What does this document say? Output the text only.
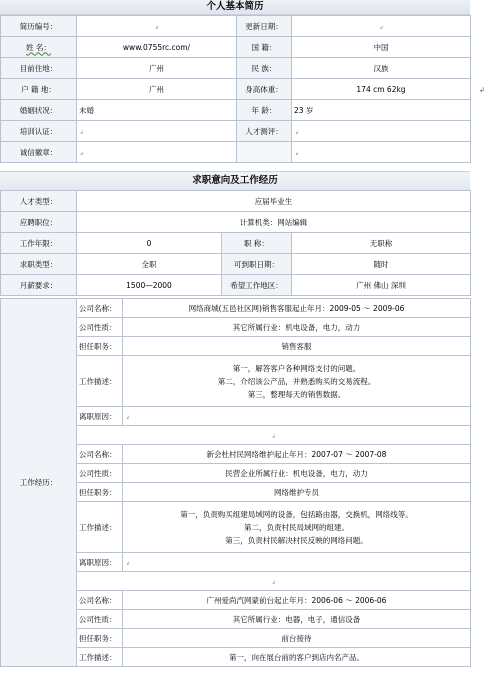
个人基本简历
简历编号：	↲	更新日期：	↲
姓 名：	www.0755rc.com/	国 籍：	中国
目前住地：	广州	民 族：	汉族
户 籍 地：	广州	身高体重：	174 cm 62kg
婚姻状况：	未婚	年 龄：	23 岁
培训认证：	↲	人才测评：	↲
诚信徽章：	↲		↲
↲
求职意向及工作经历
人才类型：	应届毕业生		
应聘职位：	计算机类：网站编辑		
工作年限：	0	职 称：	无职称
求职类型：	全职	可到职日期：	随时
月薪要求：	1500—2000	希望工作地区：	广州 佛山 深圳
工作经历：	公司名称：	网络商城(五邑社区网)销售客服起止年月：2009-05 ～ 2009-06
	公司性质：	其它所属行业：机电设备，电力，动力
	担任职务：	销售客服
	工作描述：	第一，解答客户各种网络支付的问题。
第二，介绍该公产品，并熟悉购买的交易流程。
第三，整理每天的销售数据。

	离职原因：	↲
	↲	
	公司名称：	新会杜村民网络维护起止年月：2007-07 ～ 2007-08
	公司性质：	民营企业所属行业：机电设备，电力，动力
	担任职务：	网络维护专员
	工作描述：	第一，负责购买组建局域网的设备，包括路由器，交换机，网络线等。
第二，负责村民局域网的组建。
第三，负责村民解决村民反映的网络问题。

	离职原因：	↲
	↲	
	公司名称：	广州爱尚汽网蒙前台起止年月：2006-06 ～ 2006-06
	公司性质：	其它所属行业：电器，电子，通信设备
	担任职务：	前台接待
	工作描述：	第一，向在展台前的客户到店内名产品。
